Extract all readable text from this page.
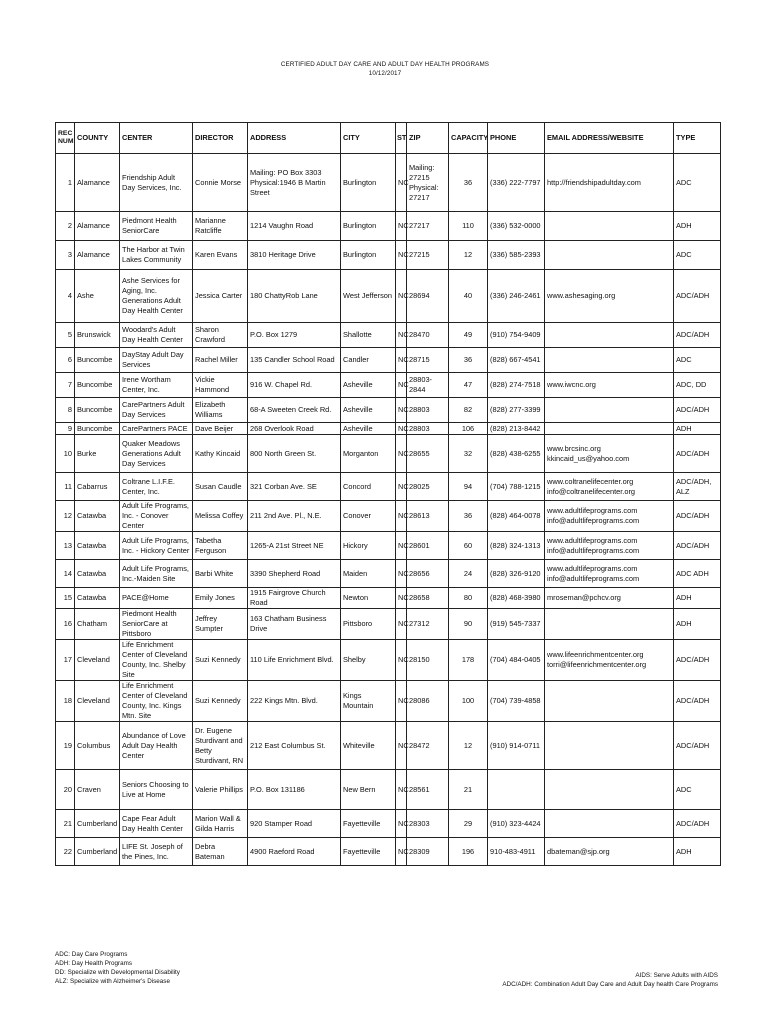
CERTIFIED ADULT DAY CARE AND ADULT DAY HEALTH PROGRAMS
10/12/2017
REC NUM	COUNTY	CENTER	DIRECTOR	ADDRESS	CITY	ST	ZIP	CAPACITY	PHONE	EMAIL ADDRESS/WEBSITE	TYPE
1	Alamance	Friendship Adult Day Services, Inc.	Connie Morse	Mailing: PO Box 3303 Physical:1946 B Martin Street	Burlington	NC	Mailing: 27215 Physical: 27217	36	(336) 222-7797	http://friendshipadultday.com	ADC
2	Alamance	Piedmont Health SeniorCare	Marianne Ratcliffe	1214 Vaughn Road	Burlington	NC	27217	110	(336) 532-0000		ADH
3	Alamance	The Harbor at Twin Lakes Community	Karen Evans	3810 Heritage Drive	Burlington	NC	27215	12	(336) 585-2393		ADC
4	Ashe	Ashe Services for Aging, Inc. Generations Adult Day Health Center	Jessica Carter	180 ChattyRob Lane	West Jefferson	NC	28694	40	(336) 246-2461	www.ashesaging.org	ADC/ADH
5	Brunswick	Woodard's Adult Day Health Center	Sharon Crawford	P.O. Box 1279	Shallotte	NC	28470	49	(910) 754-9409		ADC/ADH
6	Buncombe	DayStay Adult Day Services	Rachel Miller	135 Candler School Road	Candler	NC	28715	36	(828) 667-4541		ADC
7	Buncombe	Irene Wortham Center, Inc.	Vickie Hammond	916 W. Chapel Rd.	Asheville	NC	28803-2844	47	(828) 274-7518	www.iwcnc.org	ADC, DD
8	Buncombe	CarePartners Adult Day Services	Elizabeth Williams	68-A Sweeten Creek Rd.	Asheville	NC	28803	82	(828) 277-3399		ADC/ADH
9	Buncombe	CarePartners PACE	Dave Beijer	268 Overlook Road	Asheville	NC	28803	106	(828) 213-8442		ADH
10	Burke	Quaker Meadows Generations Adult Day Services	Kathy Kincaid	800 North Green St.	Morganton	NC	28655	32	(828) 438-6255	www.brcsinc.org
kkincaid_us@yahoo.com	ADC/ADH
11	Cabarrus	Coltrane L.I.F.E. Center, Inc.	Susan Caudle	321 Corban Ave. SE	Concord	NC	28025	94	(704) 788-1215	www.coltranelifecenter.org
info@coltranelifecenter.org	ADC/ADH, ALZ
12	Catawba	Adult Life Programs, Inc. - Conover Center	Melissa Coffey	211 2nd Ave. Pl., N.E.	Conover	NC	28613	36	(828) 464-0078	www.adultlifeprograms.com
info@adultlifeprograms.com	ADC/ADH
13	Catawba	Adult Life Programs, Inc. - Hickory Center	Tabetha Ferguson	1265-A 21st Street NE	Hickory	NC	28601	60	(828) 324-1313	www.adultlifeprograms.com
info@adultlifeprograms.com	ADC/ADH
14	Catawba	Adult Life Programs, Inc.-Maiden Site	Barbi White	3390 Shepherd Road	Maiden	NC	28656	24	(828) 326-9120	www.adultlifeprograms.com
info@adultlifeprograms.com	ADC ADH
15	Catawba	PACE@Home	Emily Jones	1915 Fairgrove Church Road	Newton	NC	28658	80	(828) 468-3980	mroseman@pchcv.org	ADH
16	Chatham	Piedmont Health SeniorCare at Pittsboro	Jeffrey Sumpter	163 Chatham Business Drive	Pittsboro	NC	27312	90	(919) 545-7337		ADH
17	Cleveland	Life Enrichment Center of Cleveland County, Inc. Shelby Site	Suzi Kennedy	110 Life Enrichment Blvd.	Shelby	NC	28150	178	(704) 484-0405	www.lifeenrichmentcenter.org
torri@lifeenrichmentcenter.org	ADC/ADH
18	Cleveland	Life Enrichment Center of Cleveland County, Inc. Kings Mtn. Site	Suzi Kennedy	222 Kings Mtn. Blvd.	Kings Mountain	NC	28086	100	(704) 739-4858		ADC/ADH
19	Columbus	Abundance of Love Adult Day Health Center	Dr. Eugene Sturdivant and Betty Sturdivant, RN	212 East Columbus St.	Whiteville	NC	28472	12	(910) 914-0711		ADC/ADH
20	Craven	Seniors Choosing to Live at Home	Valerie Phillips	P.O. Box 131186	New Bern	NC	28561	21			ADC
21	Cumberland	Cape Fear Adult Day Health Center	Marion Wall & Gilda Harris	920 Stamper Road	Fayetteville	NC	28303	29	(910) 323-4424		ADC/ADH
22	Cumberland	LIFE St. Joseph of the Pines, Inc.	Debra Bateman	4900 Raeford Road	Fayetteville	NC	28309	196	910-483-4911	dbateman@sjp.org	ADH
ADC: Day Care Programs
ADH: Day Health Programs
DD: Specialize with Developmental Disability
ALZ: Specialize with Alzheimer's Disease
AIDS: Serve Adults with AIDS
ADC/ADH: Combination Adult Day Care and Adult Day health Care Programs
